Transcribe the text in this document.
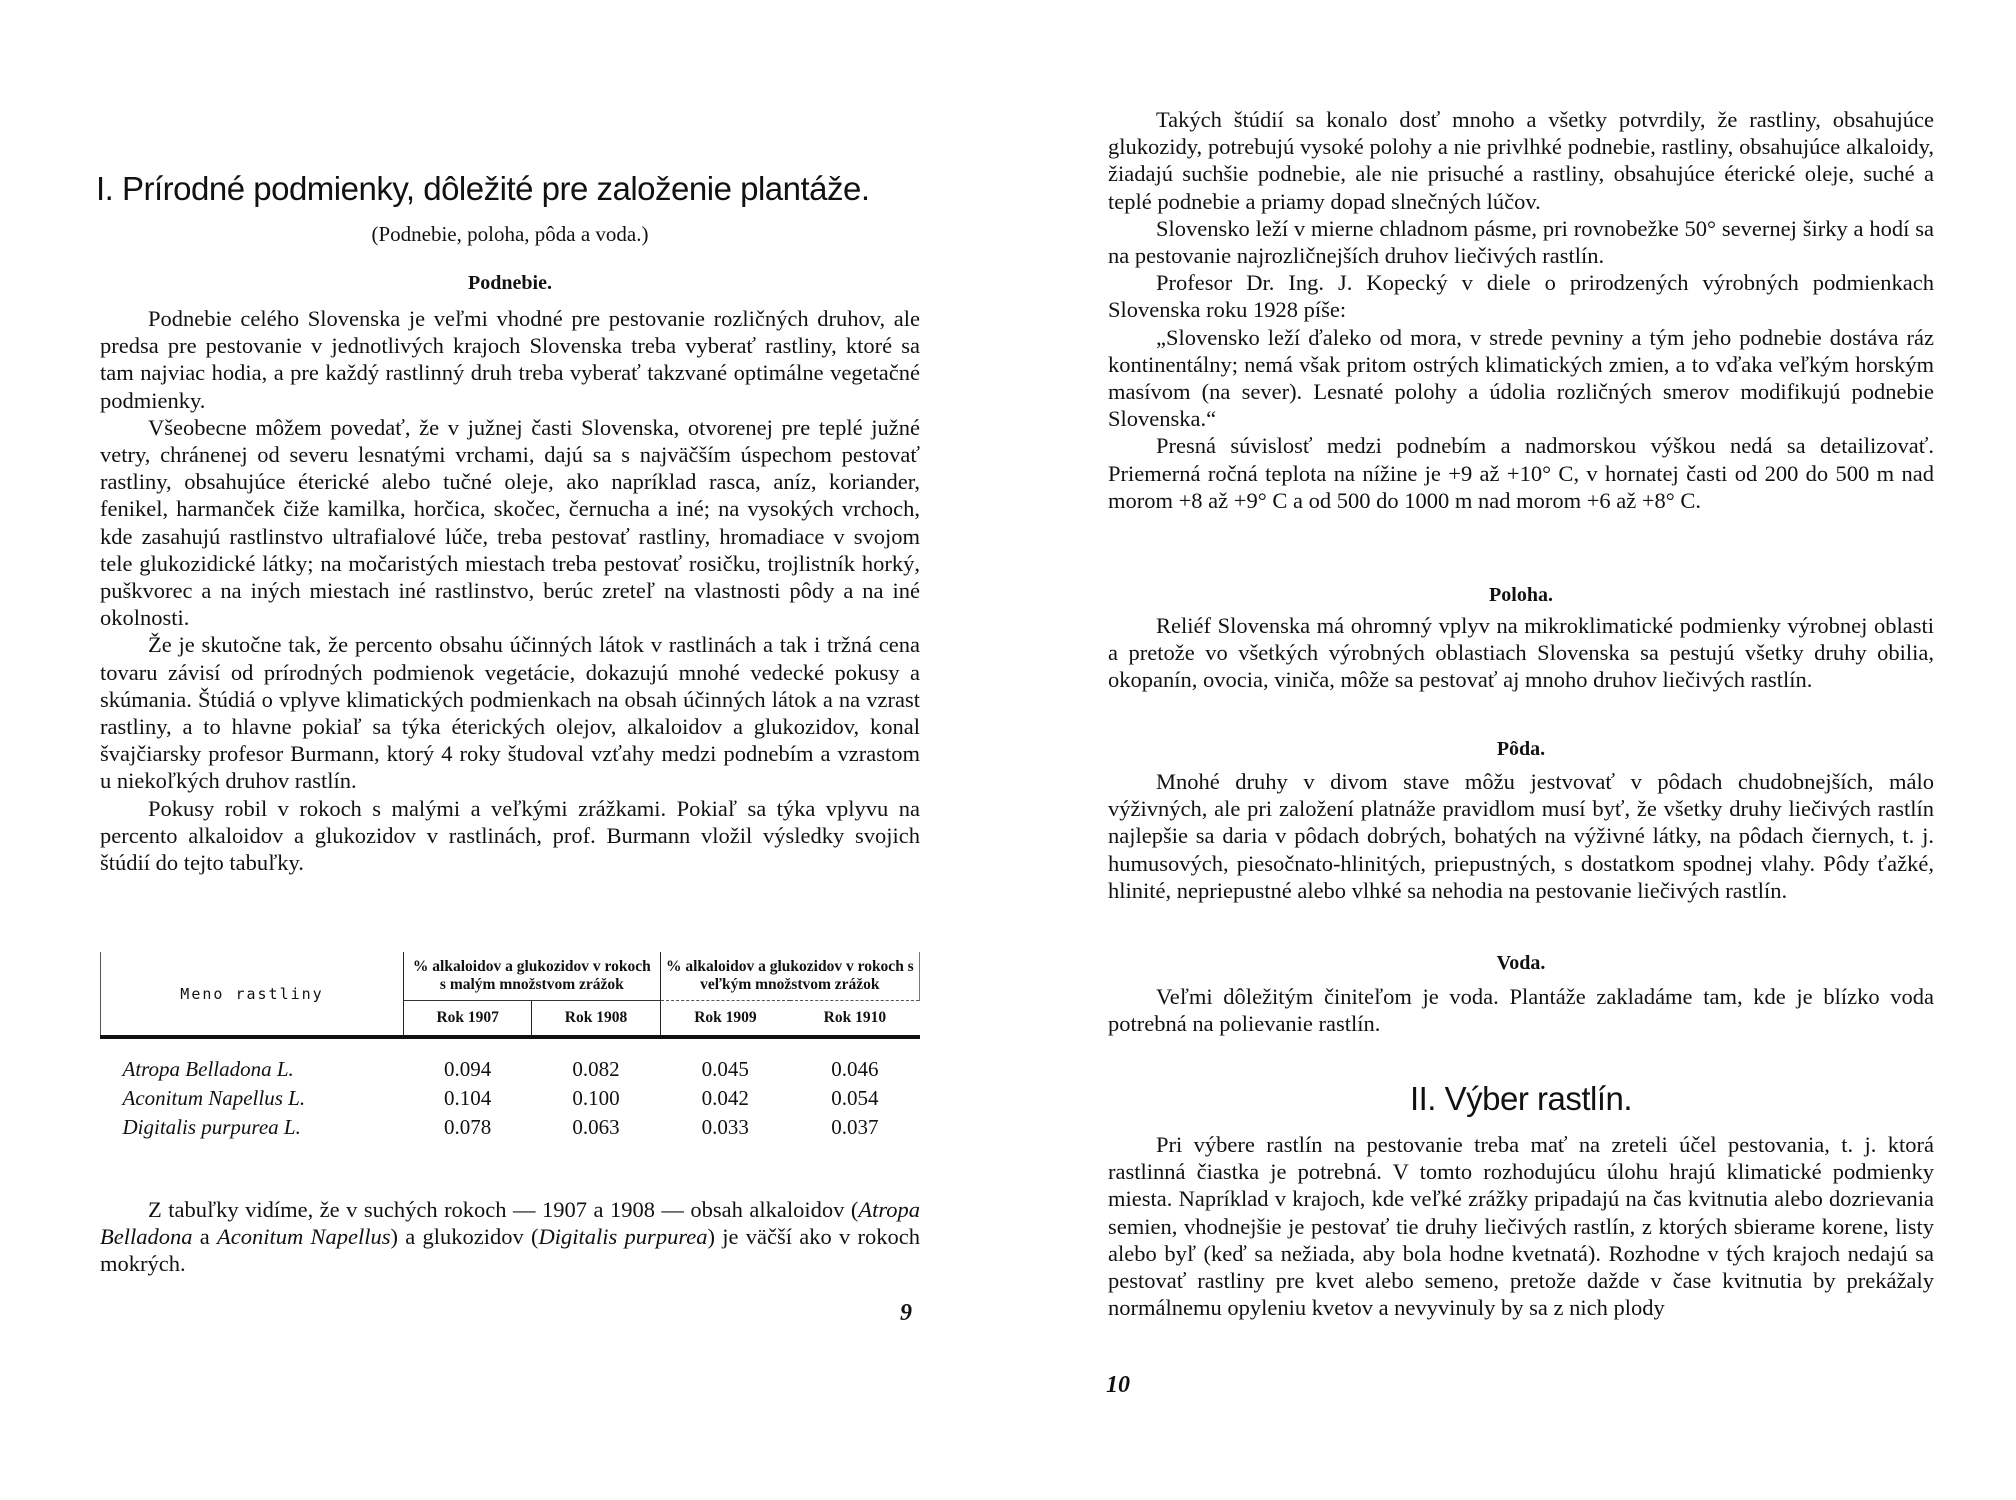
I. Prírodné podmienky, dôležité pre založenie plantáže.

(Podnebie, poloha, pôda a voda.)

Podnebie.

Podnebie celého Slovenska je veľmi vhodné pre pestovanie rozličných druhov, ale predsa pre pestovanie v jednotlivých krajoch Slovenska treba vyberať rastliny, ktoré sa tam najviac hodia, a pre každý rastlinný druh treba vyberať takzvané optimálne vegetačné podmienky.

Všeobecne môžem povedať, že v južnej časti Slovenska, otvorenej pre teplé južné vetry, chránenej od severu lesnatými vrchami, dajú sa s najväčším úspechom pestovať rastliny, obsahujúce éterické alebo tučné oleje, ako napríklad rasca, aníz, koriander, fenikel, harmanček čiže kamilka, horčica, skočec, černucha a iné; na vysokých vrchoch, kde zasahujú rastlinstvo ultrafialové lúče, treba pestovať rastliny, hromadiace v svojom tele glukozidické látky; na močaristých miestach treba pestovať rosičku, trojlistník horký, puškvorec a na iných miestach iné rastlinstvo, berúc zreteľ na vlastnosti pôdy a na iné okolnosti.

Že je skutočne tak, že percento obsahu účinných látok v rastlinách a tak i tržná cena tovaru závisí od prírodných podmienok vegetácie, dokazujú mnohé vedecké pokusy a skúmania. Štúdiá o vplyve klimatických podmienkach na obsah účinných látok a na vzrast rastliny, a to hlavne pokiaľ sa týka éterických olejov, alkaloidov a glukozidov, konal švajčiarsky profesor Burmann, ktorý 4 roky študoval vzťahy medzi podnebím a vzrastom u niekoľkých druhov rastlín.

Pokusy robil v rokoch s malými a veľkými zrážkami. Pokiaľ sa týka vplyvu na percento alkaloidov a glukozidov v rastlinách, prof. Burmann vložil výsledky svojich štúdií do tejto tabuľky.

Meno rastliny	% alkaloidov a glukozidov v rokoch s malým množstvom zrážok		% alkaloidov a glukozidov v rokoch s veľkým množstvom zrážok	
	Rok 1907	Rok 1908	Rok 1909	Rok 1910

Atropa Belladona L.	0.094	0.082	0.045	0.046
Aconitum Napellus L.	0.104	0.100	0.042	0.054
Digitalis purpurea L.	0.078	0.063	0.033	0.037

Z tabuľky vidíme, že v suchých rokoch — 1907 a 1908 — obsah alkaloidov (Atropa Belladona a Aconitum Napellus) a glukozidov (Digitalis purpurea) je väčší ako v rokoch mokrých.

9

Takých štúdií sa konalo dosť mnoho a všetky potvrdily, že rastliny, obsahujúce glukozidy, potrebujú vysoké polohy a nie privlhké podnebie, rastliny, obsahujúce alkaloidy, žiadajú suchšie podnebie, ale nie prisuché a rastliny, obsahujúce éterické oleje, suché a teplé podnebie a priamy dopad slnečných lúčov.

Slovensko leží v mierne chladnom pásme, pri rovnobežke 50° severnej širky a hodí sa na pestovanie najrozličnejších druhov liečivých rastlín.

Profesor Dr. Ing. J. Kopecký v diele o prirodzených výrobných podmienkach Slovenska roku 1928 píše:

„Slovensko leží ďaleko od mora, v strede pevniny a tým jeho podnebie dostáva ráz kontinentálny; nemá však pritom ostrých klimatických zmien, a to vďaka veľkým horským masívom (na sever). Lesnaté polohy a údolia rozličných smerov modifikujú podnebie Slovenska.“

Presná súvislosť medzi podnebím a nadmorskou výškou nedá sa detailizovať. Priemerná ročná teplota na nížine je +9 až +10° C, v hornatej časti od 200 do 500 m nad morom +8 až +9° C a od 500 do 1000 m nad morom +6 až +8° C.

Poloha.

Reliéf Slovenska má ohromný vplyv na mikroklimatické podmienky výrobnej oblasti a pretože vo všetkých výrobných oblastiach Slovenska sa pestujú všetky druhy obilia, okopanín, ovocia, viniča, môže sa pestovať aj mnoho druhov liečivých rastlín.

Pôda.

Mnohé druhy v divom stave môžu jestvovať v pôdach chudobnejších, málo výživných, ale pri založení platnáže pravidlom musí byť, že všetky druhy liečivých rastlín najlepšie sa daria v pôdach dobrých, bohatých na výživné látky, na pôdach čiernych, t. j. humusových, piesočnato-hlinitých, priepustných, s dostatkom spodnej vlahy. Pôdy ťažké, hlinité, nepriepustné alebo vlhké sa nehodia na pestovanie liečivých rastlín.

Voda.

Veľmi dôležitým činiteľom je voda. Plantáže zakladáme tam, kde je blízko voda potrebná na polievanie rastlín.

II. Výber rastlín.

Pri výbere rastlín na pestovanie treba mať na zreteli účel pestovania, t. j. ktorá rastlinná čiastka je potrebná. V tomto rozhodujúcu úlohu hrajú klimatické podmienky miesta. Napríklad v krajoch, kde veľké zrážky pripadajú na čas kvitnutia alebo dozrievania semien, vhodnejšie je pestovať tie druhy liečivých rastlín, z ktorých sbierame korene, listy alebo byľ (keď sa nežiada, aby bola hodne kvetnatá). Rozhodne v tých krajoch nedajú sa pestovať rastliny pre kvet alebo semeno, pretože dažde v čase kvitnutia by prekážaly normálnemu opyleniu kvetov a nevyvinuly by sa z nich plody

10
